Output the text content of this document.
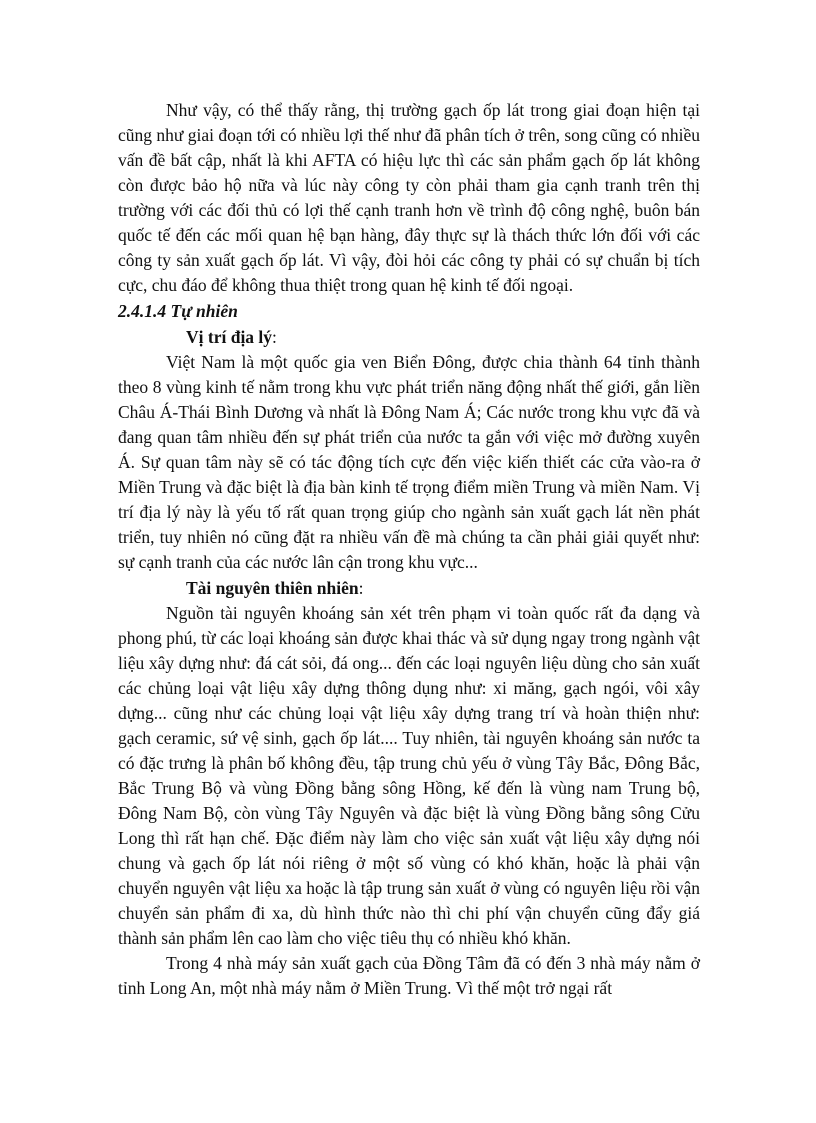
Như vậy, có thể thấy rằng, thị trường gạch ốp lát trong giai đoạn hiện tại cũng như giai đoạn tới có nhiều lợi thế như đã phân tích ở trên, song cũng có nhiều vấn đề bất cập, nhất là khi AFTA có hiệu lực thì các sản phẩm gạch ốp lát không còn được bảo hộ nữa và lúc này công ty còn phải tham gia cạnh tranh trên thị trường với các đối thủ có lợi thế cạnh tranh hơn về trình độ công nghệ, buôn bán quốc tế đến các mối quan hệ bạn hàng, đây thực sự là thách thức lớn đối với các công ty sản xuất gạch ốp lát. Vì vậy, đòi hỏi các công ty phải có sự chuẩn bị tích cực, chu đáo để không thua thiệt trong quan hệ kinh tế đối ngoại.

2.4.1.4 Tự nhiên
Vị trí địa lý:

Việt Nam là một quốc gia ven Biển Đông, được chia thành 64 tỉnh thành theo 8 vùng kinh tế nằm trong khu vực phát triển năng động nhất thế giới, gắn liền Châu Á-Thái Bình Dương và nhất là Đông Nam Á; Các nước trong khu vực đã và đang quan tâm nhiều đến sự phát triển của nước ta gắn với việc mở đường xuyên Á. Sự quan tâm này sẽ có tác động tích cực đến việc kiến thiết các cửa vào-ra ở Miền Trung và đặc biệt là địa bàn kinh tế trọng điểm miền Trung và miền Nam. Vị trí địa lý này là yếu tố rất quan trọng giúp cho ngành sản xuất gạch lát nền phát triển, tuy nhiên nó cũng đặt ra nhiều vấn đề mà chúng ta cần phải giải quyết như: sự cạnh tranh của các nước lân cận trong khu vực...

Tài nguyên thiên nhiên:

Nguồn tài nguyên khoáng sản xét trên phạm vi toàn quốc rất đa dạng và phong phú, từ các loại khoáng sản được khai thác và sử dụng ngay trong ngành vật liệu xây dựng như: đá cát sỏi, đá ong... đến các loại nguyên liệu dùng cho sản xuất các chủng loại vật liệu xây dựng thông dụng như: xi măng, gạch ngói, vôi xây dựng... cũng như các chủng loại vật liệu xây dựng trang trí và hoàn thiện như: gạch ceramic, sứ vệ sinh, gạch ốp lát.... Tuy nhiên, tài nguyên khoáng sản nước ta có đặc trưng là phân bố không đều, tập trung chủ yếu ở vùng Tây Bắc, Đông Bắc, Bắc Trung Bộ và vùng Đồng bằng sông Hồng, kế đến là vùng nam Trung bộ, Đông Nam Bộ, còn vùng Tây Nguyên và đặc biệt là vùng Đồng bằng sông Cửu Long thì rất hạn chế. Đặc điểm này làm cho việc sản xuất vật liệu xây dựng nói chung và gạch ốp lát nói riêng ở một số vùng có khó khăn, hoặc là phải vận chuyển nguyên vật liệu xa hoặc là tập trung sản xuất ở vùng có nguyên liệu rồi vận chuyển sản phẩm đi xa, dù hình thức nào thì chi phí vận chuyển cũng đẩy giá thành sản phẩm lên cao làm cho việc tiêu thụ có nhiều khó khăn.

Trong 4 nhà máy sản xuất gạch của Đồng Tâm đã có đến 3 nhà máy nằm ở tỉnh Long An, một nhà máy nằm ở Miền Trung. Vì thế một trở ngại rất
